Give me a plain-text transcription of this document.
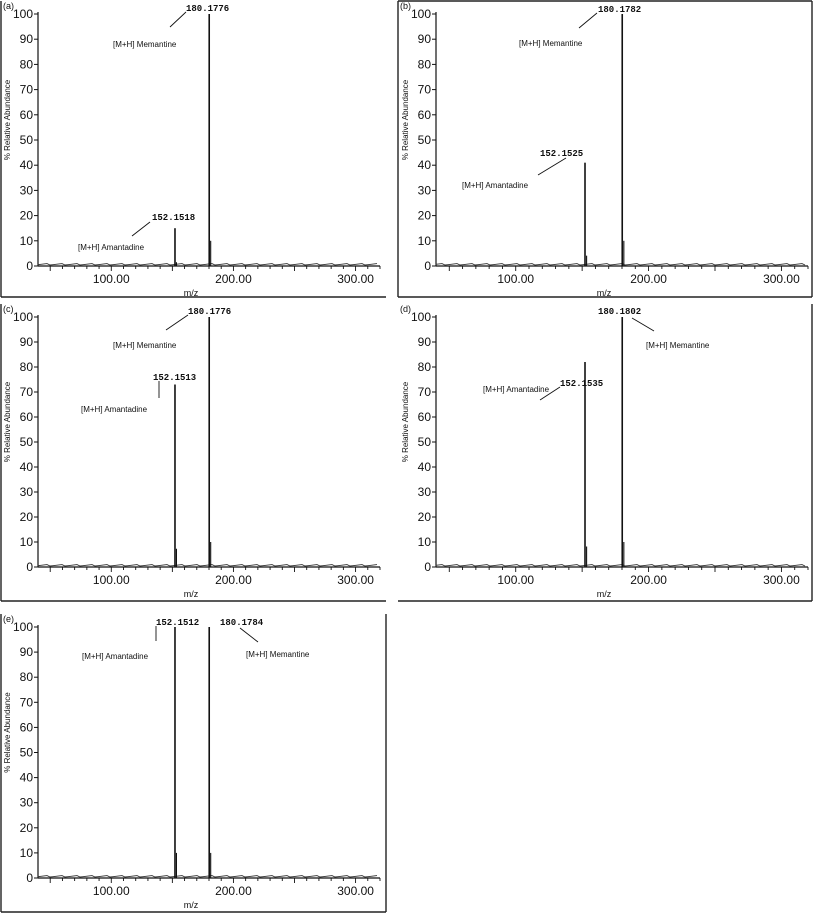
(a)
0
10
20
30
40
50
60
70
80
90
100
100.00	200.00	300.00
m/z
% Relative Abundance
152.1518
[M+H] Amantadine
180.1776
[M+H] Memantine
(b)
0
10
20
30
40
50
60
70
80
90
100
100.00	200.00	300.00
m/z
% Relative Abundance	152.1525
[M+H] Amantadine
180.1782
[M+H] Memantine
(c)
0
10
20
30
40
50
60
70
80
90
100
100.00	200.00	300.00
m/z
% Relative Abundance
152.1513
[M+H] Amantadine
180.1776
[M+H] Memantine
(d)
0
10
20
30
40
50
60
70
80
90
100
100.00	200.00	300.00
m/z
% Relative Abundance	152.1535
[M+H] Amantadine
180.1802
[M+H] Memantine
(e)
0
10
20
30
40
50
60
70
80
90
100
100.00	200.00	300.00
m/z
% Relative Abundance
152.1512
[M+H] Amantadine
180.1784
[M+H] Memantine
